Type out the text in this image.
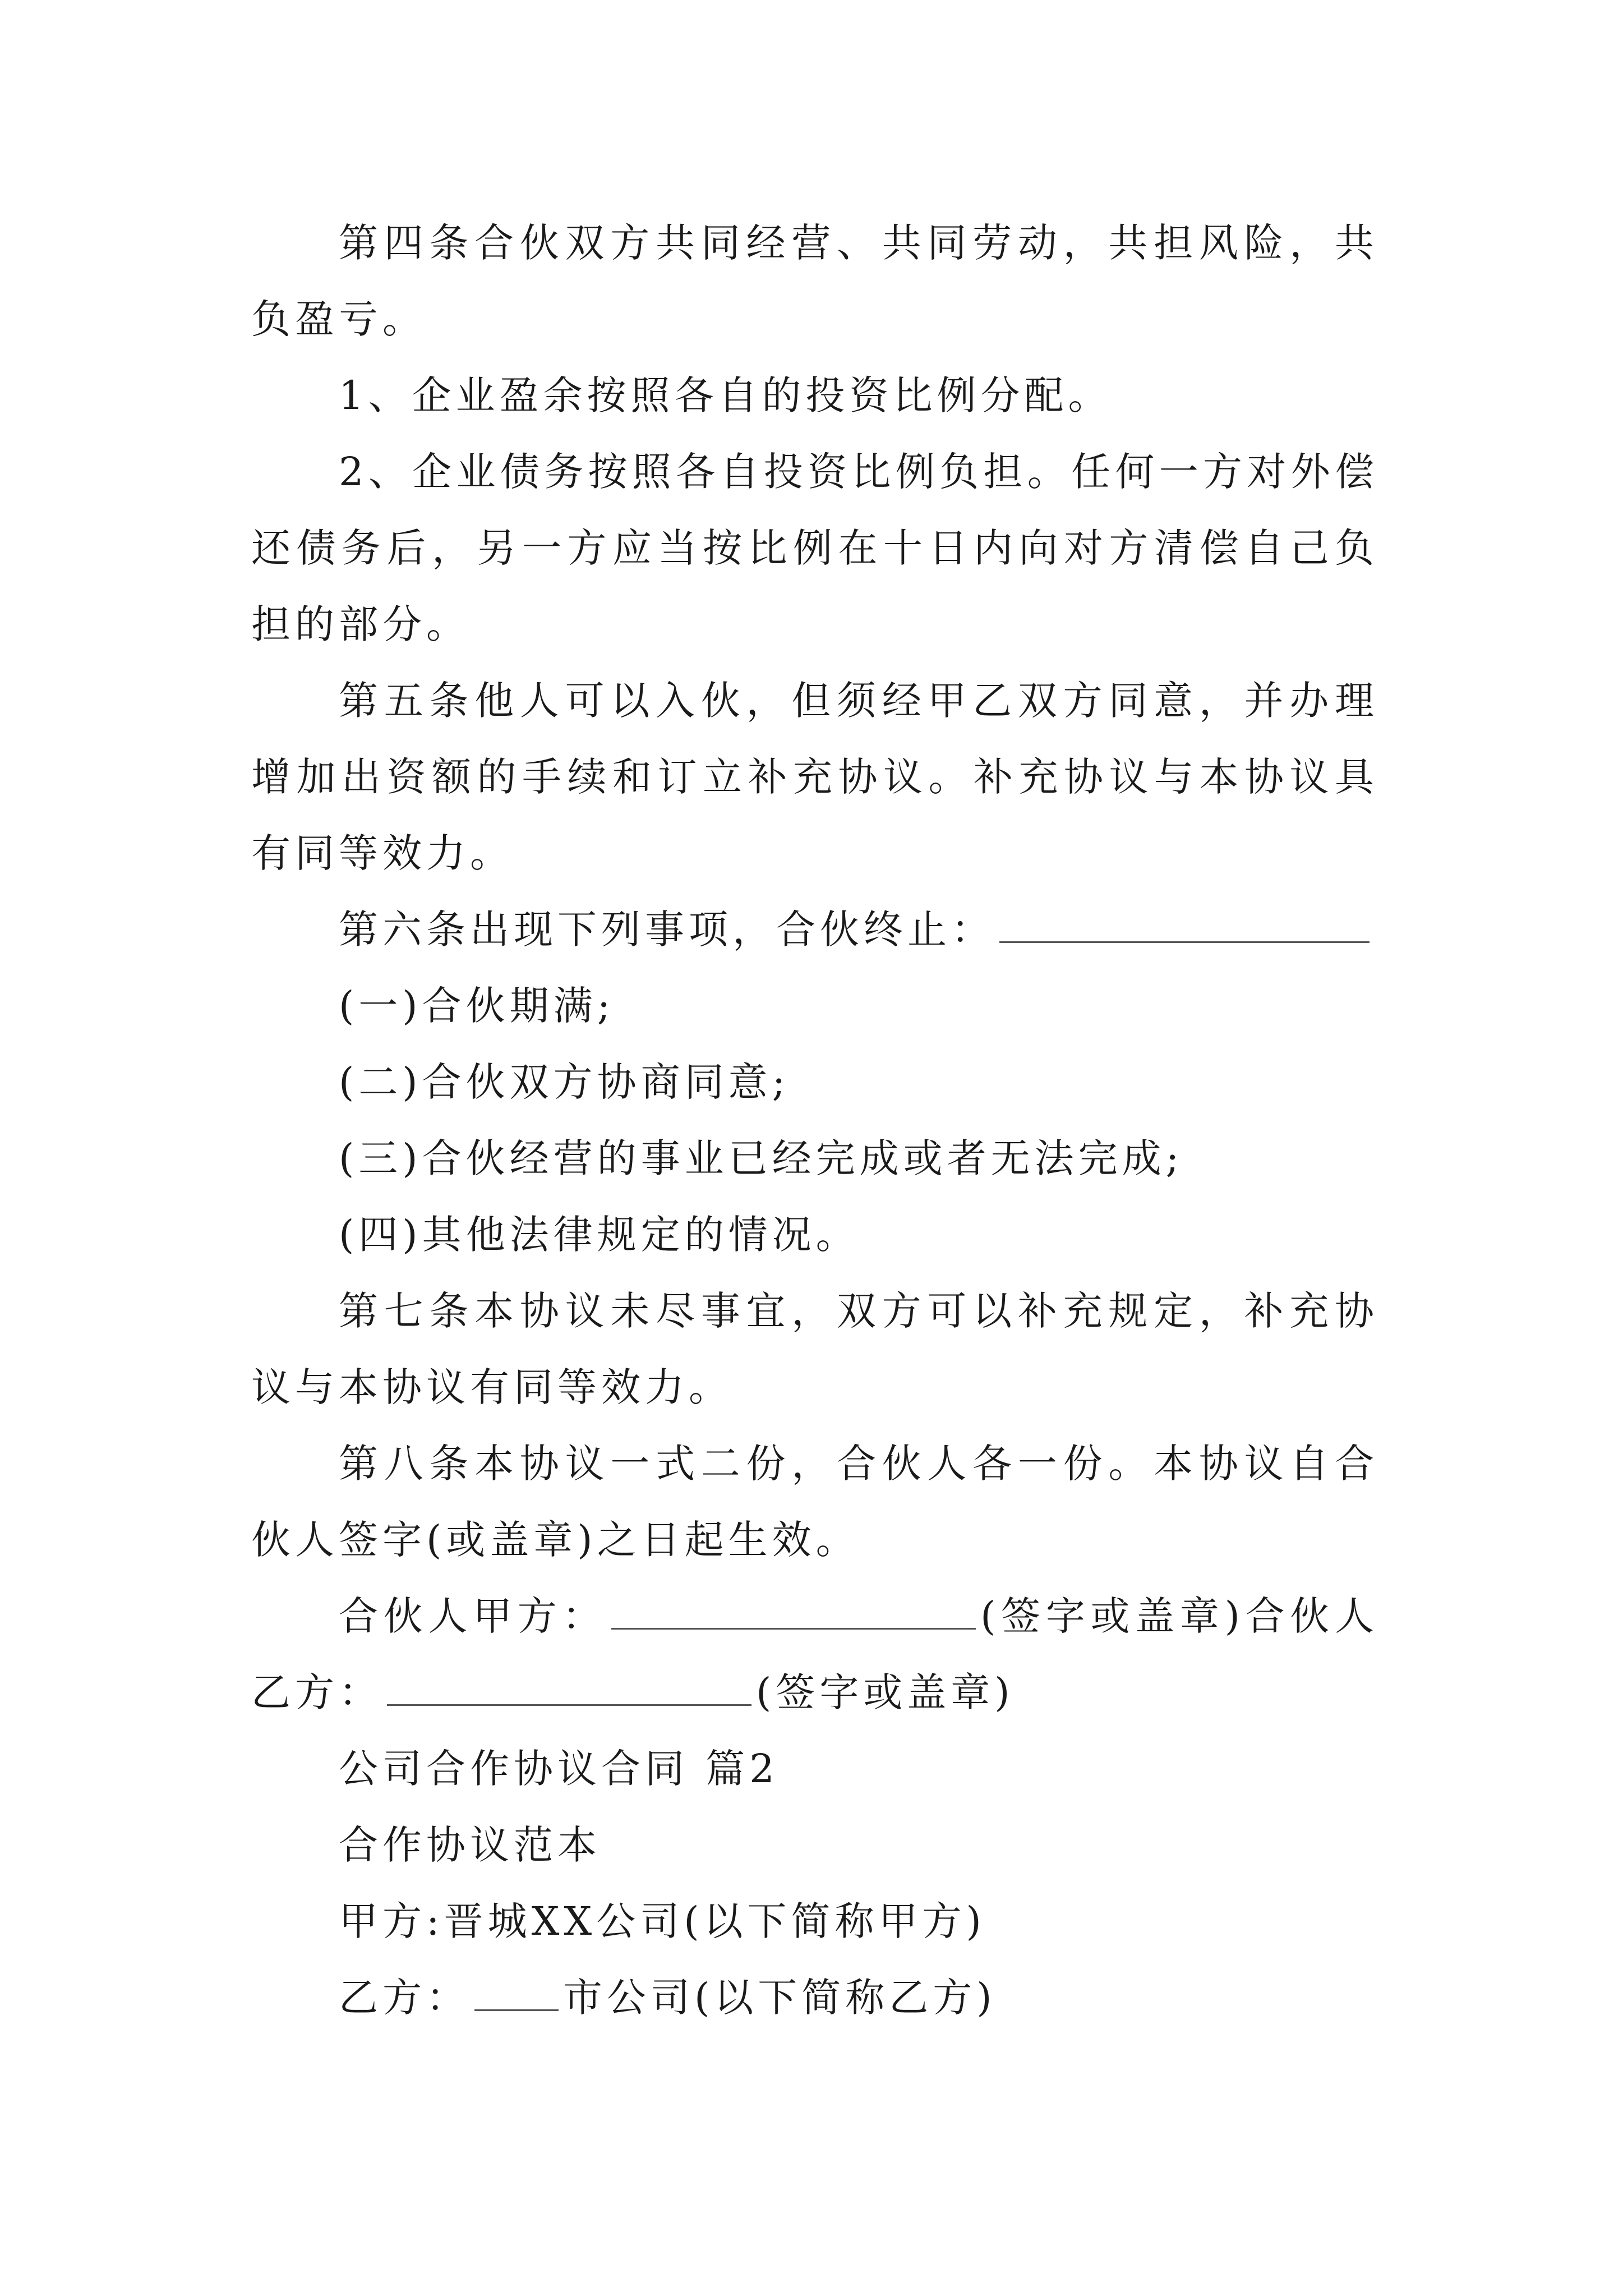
第四条合伙双方共同经营、共同劳动，共担风险，共负盈亏。

1、企业盈余按照各自的投资比例分配。

2、企业债务按照各自投资比例负担。任何一方对外偿还债务后，另一方应当按比例在十日内向对方清偿自己负担的部分。

第五条他人可以入伙，但须经甲乙双方同意，并办理增加出资额的手续和订立补充协议。补充协议与本协议具有同等效力。

第六条出现下列事项，合伙终止：

(一)合伙期满;

(二)合伙双方协商同意;

(三)合伙经营的事业已经完成或者无法完成;

(四)其他法律规定的情况。

第七条本协议未尽事宜，双方可以补充规定，补充协议与本协议有同等效力。

第八条本协议一式二份，合伙人各一份。本协议自合伙人签字(或盖章)之日起生效。

合伙人甲方：	(签字或盖章)合伙人乙方：	(签字或盖章)

公司合作协议合同 篇2

合作协议范本

甲方:晋城XX公司(以下简称甲方)

乙方： 市公司(以下简称乙方)
